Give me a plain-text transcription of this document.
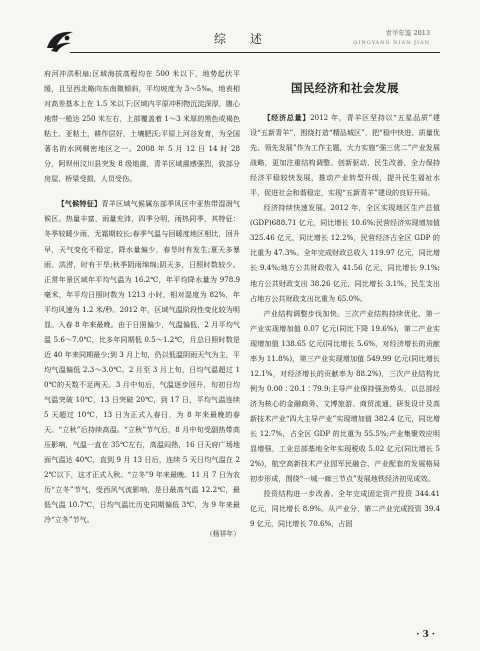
综 述	青羊年鉴 2013
QINGYANG NIAN JIAN

府河冲洪积扇;区域海拔高程均在 500 米以下，地势起伏平缓，且呈西北略向东南微倾斜，平均坡度为 3～5‰，地表相对高差基本上在 1.5 米以下;区域内平原冲积物沉淀深厚，腹心地带一般达 250 米左右，上部覆盖着 1～3 米厚的黑色或褐色粘土、亚粘土，耕作层好，土壤肥沃;平原上河谷发育，为全国著名的水网稠密地区之一。2008 年 5 月 12 日 14 时 28 分，阿坝州汶川县突发 8 级地震，青羊区域震感强烈，致部分房屋、桥梁受损，人员受伤。

【气候特征】青羊区域气候属东部季风区中亚热带湿润气候区。热量丰富，雨量充沛，四季分明，雨热同季，其特征：冬季较暖少雨，无霜期较长;春季气温与回暖度地区相比，回升早，天气变化不稳定，降水量偏少，春旱时有发生;夏天多暴雨、洪涝，时有干旱;秋季阴雨绵绵;阴天多，日照时数较少。正常年景区域年平均气温为 16.2℃，年平均降水量为 978.9 毫米，年平均日照时数为 1213 小时，相对湿度为 82%，年平均风速为 1.2 米/秒。2012 年，区域气温阶段性变化较为明显。入春 8 年来最晚。由于日照偏少，气温偏低，2 月平均气温 5.6～7.0℃，比多年同期低 0.5～1.2℃，月总日照时数是近 40 年来同期最少;到 3 月上旬，仍以低温阴雨天气为主，平均气温偏低 2.3～3.0℃。2 月至 3 月上旬，日均气温超过 10℃的天数不足两天。3 月中旬后，气温逐步回升，旬初日均气温突破 10℃，13 日突破 20℃，到 17 日，平均气温连续 5 天超过 10℃，13 日为正式入春日，为 8 年来最晚的春天。“立秋”后持续高温。“立秋”节气后，8 月中旬受副热带高压影响，气温一直在 35℃左右，高温闷热，16 日天府广场地面气温达 40℃，直到 9 月 13 日后，连续 5 天日均气温在 22℃以下，这才正式入秋。“立冬”9 年来最晚。11 月 7 日为农历“立冬”节气，受西风气流影响，是日最高气温 12.2℃，最低气温 10.7℃，日均气温比历史同期偏低 3℃，为 9 年来最冷“立冬”节气。

（杨祥年）
国民经济和社会发展

【经济总量】2012 年，青羊区坚持以“五星品质”建设“五新青羊”，围绕打造“精品城区”，把“稳中快进、质量优先、领先发展”作为工作主题，大力实施“强三优二”产业发展战略，更加注重结构调整、创新驱动、民生改善，全力保持经济平稳较快发展，推动产业转型升级，提升民生福祉水平，促进社会和谐稳定，实现“五新青羊”建设的良好开局。

经济持续快速发展。2012 年，全区实现地区生产总值(GDP)688.71 亿元，同比增长 10.6%;民营经济实现增加值 325.46 亿元，同比增长 12.2%，民营经济占全区 GDP 的比重为 47.3%。全年完成财政总收入 119.97 亿元，同比增长 9.4%;地方公共财政收入 41.56 亿元，同比增长 9.1%;地方公共财政支出 38.26 亿元，同比增长 3.1%，民生支出占地方公共财政支出比重为 65.0%。

产业结构调整步伐加快。三次产业结构持续优化，第一产业实现增加值 0.07 亿元(同比下降 19.6%)，第二产业实现增加值 138.65 亿元(同比增长 5.6%，对经济增长的贡献率为 11.8%)，第三产业实现增加值 549.99 亿元(同比增长 12.1%，对经济增长的贡献率为 88.2%)，三次产业结构比例为 0.00∶20.1∶79.9;主导产业保持强劲势头，以总部经济为核心的金融商务、文博旅游、商贸流通、研发设计及高新技术产业“四大主导产业”实现增加值 382.4 亿元，同比增长 12.7%，占全区 GDP 的比重为 55.5%;产业集聚效应明显增强，工业总部基地全年实现税收 5.02 亿元(同比增长 52%)，航空高新技术产业园军民融合、产业配套的发展格局初步形成，围绕“一城一廊三节点”发展地铁经济初见成效。

投资结构进一步改善。全年完成固定资产投资 344.41 亿元，同比增长 8.9%。从产业分，第二产业完成投资 39.49 亿元，同比增长 70.6%，占固

· 3 ·
